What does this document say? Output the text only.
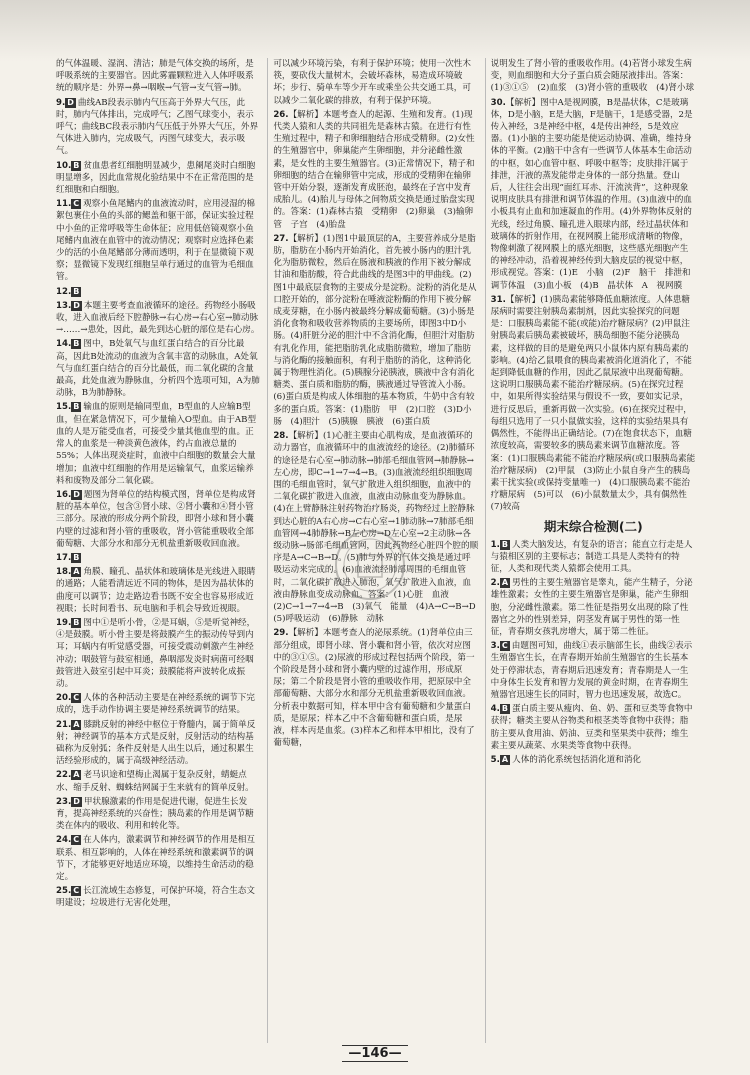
的气体温暖、湿润、清洁；肺是气体交换的场所，是呼吸系统的主要器官。因此雾霾颗粒进入人体呼吸系统的顺序是：外界→鼻→咽喉→气管→支气管→肺。

9. D 曲线AB段表示肺内气压高于外界大气压，此时，肺内气体排出，完成呼气；乙图气球变小，表示呼气；曲线BC段表示肺内气压低于外界大气压，外界气体进入肺内，完成吸气，丙图气球变大，表示吸气。

10. B 贫血患者红细胞明显减少，患阑尾炎时白细胞明显增多，因此血常规化验结果中不在正常范围的是红细胞和白细胞。

11. C 观察小鱼尾鳍内的血液流动时，应用浸湿的棉絮包裹住小鱼的头部的鳃盖和躯干部，保证实验过程中小鱼的正常呼吸等生命体征；应用低倍镜观察小鱼尾鳍内血液在血管中的流动情况；观察时应选择色素少的活的小鱼尾鳍部分薄而透明，利于在显微镜下观察；显微镜下发现红细胞呈单行通过的血管为毛细血管。

12. B

13. D 本题主要考查血液循环的途径。药物经小肠吸收，进入血液后经下腔静脉→右心房→右心室→肺动脉→……→患处，因此，最先到达心脏的部位是右心房。

14. B 图中，B处氧气与血红蛋白结合的百分比最高，因此B处流动的血液为含氧丰富的动脉血，A处氧气与血红蛋白结合的百分比最低，而二氧化碳的含量最高，此处血液为静脉血，分析四个选项可知，A为肺动脉，B为肺静脉。

15. B 输血的原则是输同型血，B型血的人应输B型血，但在紧急情况下，可少量输入O型血。由于AB型血的人是万能受血者，可接受少量其他血型的血。正常人的血浆是一种淡黄色液体，约占血液总量的55%；人体出现炎症时，血液中白细胞的数量会大量增加；血液中红细胞的作用是运输氧气，血浆运输养料和废物及部分二氧化碳。

16. D 题图为肾单位的结构模式图，肾单位是构成肾脏的基本单位，包含③肾小球、②肾小囊和④肾小管三部分。尿液的形成分两个阶段，即肾小球和肾小囊内壁的过滤和肾小管的重吸收，肾小管能重吸收全部葡萄糖、大部分水和部分无机盐重新吸收回血液。

17. B

18. A 角膜、瞳孔、晶状体和玻璃体是光线进入眼睛的通路；人能看清远近不同的物体，是因为晶状体的曲度可以调节；边走路边看书既不安全也容易形成近视眼；长时间看书、玩电脑和手机会导致近视眼。

19. B 图中①是听小骨，②是耳蜗，⑤是听觉神经，④是鼓膜。听小骨主要是将鼓膜产生的振动传导到内耳；耳蜗内有听觉感受器，可接受震动刺激产生神经冲动；咽鼓管与鼓室相通，鼻咽部发炎时病菌可经咽鼓管进入鼓室引起中耳炎；鼓膜能将声波转化成振动。

20. C 人体的各种活动主要是在神经系统的调节下完成的，选手动作协调主要是神经系统调节的结果。

21. A 膝跳反射的神经中枢位于脊髓内，属于简单反射；神经调节的基本方式是反射，反射活动的结构基础称为反射弧；条件反射是人出生以后，通过积累生活经验形成的，属于高级神经活动。

22. A 老马识途和望梅止渴属于复杂反射，蜻蜓点水、缩手反射、蜘蛛结网属于生来就有的简单反射。

23. D 甲状腺激素的作用是促进代谢，促进生长发育，提高神经系统的兴奋性；胰岛素的作用是调节糖类在体内的吸收、利用和转化等。

24. C 在人体内，激素调节和神经调节的作用是相互联系、相互影响的，人体在神经系统和激素调节的调节下，才能够更好地适应环境，以维持生命活动的稳定。

25. C 长江流域生态修复，可保护环境，符合生态文明建设；垃圾进行无害化处理，

可以减少环境污染，有利于保护环境；使用一次性木筷，要砍伐大量树木，会破坏森林，易造成环境破坏；步行、骑单车等少开车或乘坐公共交通工具，可以减少二氧化碳的排放，有利于保护环境。

26.【解析】本题考查人的起源、生殖和发育。(1)现代类人猿和人类的共同祖先是森林古猿。在进行有性生殖过程中，精子和卵细胞结合形成受精卵。(2)女性的生殖器官中，卵巢能产生卵细胞，并分泌雌性激素，是女性的主要生殖器官。(3)正常情况下，精子和卵细胞的结合在输卵管中完成，形成的受精卵在输卵管中开始分裂，逐渐发育成胚泡，最终在子宫中发育成胎儿。(4)胎儿与母体之间物质交换是通过胎盘实现的。答案：(1)森林古猿　受精卵　(2)卵巢　(3)输卵管　子宫　(4)胎盘

27.【解析】(1)图1中最顶层的A，主要营养成分是脂肪，脂肪在小肠内开始消化，首先被小肠内的胆汁乳化为脂肪微粒，然后在肠液和胰液的作用下被分解成甘油和脂肪酸，符合此曲线的是图3中的甲曲线。(2)图1中最底层食物的主要成分是淀粉。淀粉的消化是从口腔开始的，部分淀粉在唾液淀粉酶的作用下被分解成麦芽糖，在小肠内被最终分解成葡萄糖。(3)小肠是消化食物和吸收营养物质的主要场所，即图3中D小肠。(4)肝脏分泌的胆汁中不含消化酶，但胆汁对脂肪有乳化作用，能把脂肪乳化成脂肪微粒，增加了脂肪与消化酶的接触面积，有利于脂肪的消化，这种消化属于物理性消化。(5)胰腺分泌胰液，胰液中含有消化糖类、蛋白质和脂肪的酶，胰液通过导管流入小肠。(6)蛋白质是构成人体细胞的基本物质，牛奶中含有较多的蛋白质。答案：(1)脂肪　甲　(2)口腔　(3)D小肠　(4)胆汁　(5)胰腺　胰液　(6)蛋白质

28.【解析】(1)心脏主要由心肌构成，是血液循环的动力器官，血液循环中的血液流经的途径。(2)肺循环的途径是右心室→肺动脉→肺部毛细血管网→肺静脉→左心房，即C→1→7→4→B。(3)血液流经组织细胞周围的毛细血管时，氧气扩散进入组织细胞，血液中的二氧化碳扩散进入血液，血液由动脉血变为静脉血。(4)在上臂静脉注射药物治疗肠炎，药物经过上腔静脉到达心脏的A右心房→C右心室→1肺动脉→7肺部毛细血管网→4肺静脉→B左心房→D左心室→2主动脉→各级动脉→肠部毛细血管网，因此药物经心脏四个腔的顺序是A→C→B→D。(5)肺与外界的气体交换是通过呼吸运动来完成的。(6)血液流经肺部周围的毛细血管时，二氧化碳扩散进入肺泡，氧气扩散进入血液，血液由静脉血变成动脉血。答案：(1)心脏　血液　(2)C→1→7→4→B　(3)氧气　能量　(4)A→C→B→D　(5)呼吸运动　(6)静脉　动脉

29.【解析】本题考查人的泌尿系统。(1)肾单位由三部分组成，即肾小球、肾小囊和肾小管，依次对应图中的③①⑤。(2)尿液的形成过程包括两个阶段，第一个阶段是肾小球和肾小囊内壁的过滤作用，形成原尿；第二个阶段是肾小管的重吸收作用，把原尿中全部葡萄糖、大部分水和部分无机盐重新吸收回血液。分析表中数据可知，样本甲中含有葡萄糖和少量蛋白质，是原尿；样本乙中不含葡萄糖和蛋白质，是尿液，样本丙是血浆。(3)样本乙和样本甲相比，没有了葡萄糖，

说明发生了肾小管的重吸收作用。(4)若肾小球发生病变，则血细胞和大分子蛋白质会随尿液排出。答案：(1)③①⑤　(2)血浆　(3)肾小管的重吸收　(4)肾小球

30.【解析】图中A是视网膜，B是晶状体，C是玻璃体，D是小脑，E是大脑，F是脑干，1是感受器，2是传入神经，3是神经中枢，4是传出神经，5是效应器。(1)小脑的主要功能是使运动协调、准确，维持身体的平衡。(2)脑干中含有一些调节人体基本生命活动的中枢，如心血管中枢、呼吸中枢等；皮肤排汗属于排泄，汗液的蒸发能带走身体的一部分热量。登山后，人往往会出现“面红耳赤、汗流浃背”，这种现象说明皮肤具有排泄和调节体温的作用。(3)血液中的血小板具有止血和加速凝血的作用。(4)外界物体反射的光线，经过角膜、瞳孔进入眼球内部，经过晶状体和玻璃体的折射作用，在视网膜上能形成清晰的物像，物像刺激了视网膜上的感光细胞，这些感光细胞产生的神经冲动，沿着视神经传到大脑皮层的视觉中枢，形成视觉。答案：(1)E　小脑　(2)F　脑干　排泄和调节体温　(3)血小板　(4)B　晶状体　A　视网膜

31.【解析】(1)胰岛素能够降低血糖浓度。人体患糖尿病时需要注射胰岛素制剂，因此实验探究的问题是：口服胰岛素能不能(或能)治疗糖尿病？(2)甲鼠注射胰岛素后胰岛素被破坏，胰岛细胞不能分泌胰岛素，这样做的目的是避免两只小鼠体内原有胰岛素的影响。(4)给乙鼠喂食的胰岛素被消化道消化了，不能起到降低血糖的作用，因此乙鼠尿液中出现葡萄糖。这说明口服胰岛素不能治疗糖尿病。(5)在探究过程中，如果所得实验结果与假设不一致，要如实记录，进行反思后，重新再做一次实验。(6)在探究过程中，每组只选用了一只小鼠做实验，这样的实验结果具有偶然性，不能得出正确结论。(7)在饱食状态下，血糖浓度较高，需要较多的胰岛素来调节血糖浓度。答案：(1)口服胰岛素能不能治疗糖尿病(或口服胰岛素能治疗糖尿病)　(2)甲鼠　(3)防止小鼠自身产生的胰岛素干扰实验(或保持变量唯一)　(4)口服胰岛素不能治疗糖尿病　(5)可以　(6)小鼠数量太少，具有偶然性　(7)较高

期末综合检测(二)

1. B 人类大脑发达，有复杂的语言；能直立行走是人与猿相区别的主要标志；制造工具是人类特有的特征，人类和现代类人猿都会使用工具。

2. A 男性的主要生殖器官是睾丸，能产生精子，分泌雄性激素；女性的主要生殖器官是卵巢，能产生卵细胞，分泌雌性激素。第二性征是指男女出现的除了性器官之外的性别差异，阴茎发育属于男性的第一性征，青春期女孩乳房增大，属于第二性征。

3. C 由题图可知，曲线①表示脑部生长，曲线②表示生殖器官生长，在青春期开始前生殖器官的生长基本处于停滞状态，青春期后迅速发育；青春期是人一生中身体生长发育和智力发展的黄金时期，在青春期生殖器官迅速生长的同时，智力也迅速发展，故选C。

4. B 蛋白质主要从瘦肉、鱼、奶、蛋和豆类等食物中获得；糖类主要从谷物类和根茎类等食物中获得；脂肪主要从食用油、奶油、豆类和坚果类中获得；维生素主要从蔬菜、水果类等食物中获得。

5. A 人体的消化系统包括消化道和消化

—146—
